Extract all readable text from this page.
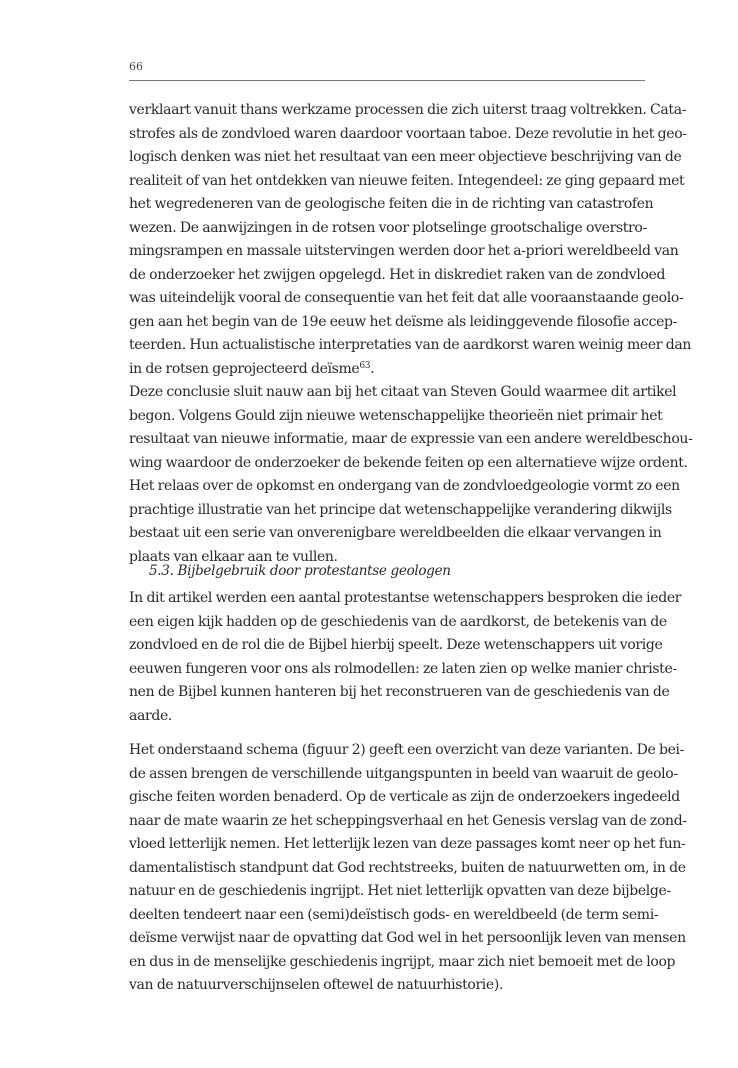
66
verklaart vanuit thans werkzame processen die zich uiterst traag voltrekken. Cata-
strofes als de zondvloed waren daardoor voortaan taboe. Deze revolutie in het geo-
logisch denken was niet het resultaat van een meer objectieve beschrijving van de
realiteit of van het ontdekken van nieuwe feiten. Integendeel: ze ging gepaard met
het wegredeneren van de geologische feiten die in de richting van catastrofen
wezen. De aanwijzingen in de rotsen voor plotselinge grootschalige overstro-
mingsrampen en massale uitstervingen werden door het a-priori wereldbeeld van
de onderzoeker het zwijgen opgelegd. Het in diskrediet raken van de zondvloed
was uiteindelijk vooral de consequentie van het feit dat alle vooraanstaande geolo-
gen aan het begin van de 19e eeuw het deïsme als leidinggevende filosofie accep-
teerden. Hun actualistische interpretaties van de aardkorst waren weinig meer dan
in de rotsen geprojecteerd deïsme$^{63}$.
Deze conclusie sluit nauw aan bij het citaat van Steven Gould waarmee dit artikel
begon. Volgens Gould zijn nieuwe wetenschappelijke theorieën niet primair het
resultaat van nieuwe informatie, maar de expressie van een andere wereldbeschou-
wing waardoor de onderzoeker de bekende feiten op een alternatieve wijze ordent.
Het relaas over de opkomst en ondergang van de zondvloedgeologie vormt zo een
prachtige illustratie van het principe dat wetenschappelijke verandering dikwijls
bestaat uit een serie van onverenigbare wereldbeelden die elkaar vervangen in
plaats van elkaar aan te vullen.
5.3. Bijbelgebruik door protestantse geologen
In dit artikel werden een aantal protestantse wetenschappers besproken die ieder
een eigen kijk hadden op de geschiedenis van de aardkorst, de betekenis van de
zondvloed en de rol die de Bijbel hierbij speelt. Deze wetenschappers uit vorige
eeuwen fungeren voor ons als rolmodellen: ze laten zien op welke manier christe-
nen de Bijbel kunnen hanteren bij het reconstrueren van de geschiedenis van de
aarde.
Het onderstaand schema (figuur 2) geeft een overzicht van deze varianten. De bei-
de assen brengen de verschillende uitgangspunten in beeld van waaruit de geolo-
gische feiten worden benaderd. Op de verticale as zijn de onderzoekers ingedeeld
naar de mate waarin ze het scheppingsverhaal en het Genesis verslag van de zond-
vloed letterlijk nemen. Het letterlijk lezen van deze passages komt neer op het fun-
damentalistisch standpunt dat God rechtstreeks, buiten de natuurwetten om, in de
natuur en de geschiedenis ingrijpt. Het niet letterlijk opvatten van deze bijbelge-
deelten tendeert naar een (semi)deïstisch gods- en wereldbeeld (de term semi-
deïsme verwijst naar de opvatting dat God wel in het persoonlijk leven van mensen
en dus in de menselijke geschiedenis ingrijpt, maar zich niet bemoeit met de loop
van de natuurverschijnselen oftewel de natuurhistorie).
